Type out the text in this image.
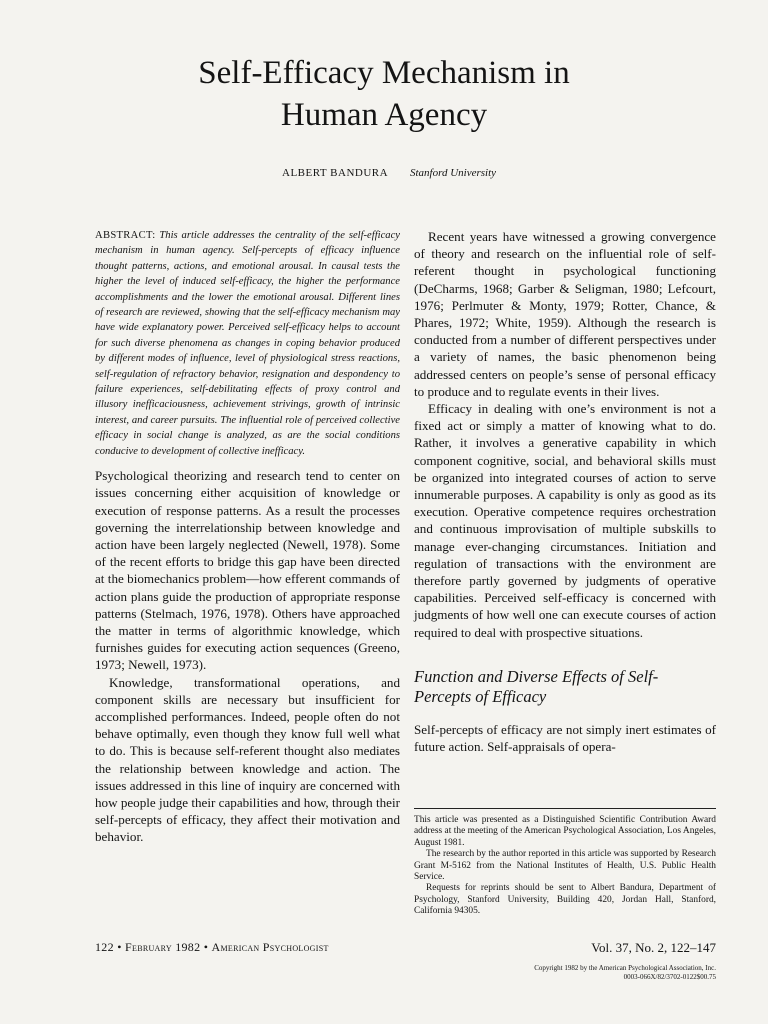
Self-Efficacy Mechanism in
Human Agency
ALBERT BANDURA Stanford University

ABSTRACT: This article addresses the centrality of the self-efficacy mechanism in human agency. Self-percepts of efficacy influence thought patterns, actions, and emotional arousal. In causal tests the higher the level of induced self-efficacy, the higher the performance accomplishments and the lower the emotional arousal. Different lines of research are reviewed, showing that the self-efficacy mechanism may have wide explanatory power. Perceived self-efficacy helps to account for such diverse phenomena as changes in coping behavior produced by different modes of influence, level of physiological stress reactions, self-regulation of refractory behavior, resignation and despondency to failure experiences, self-debilitating effects of proxy control and illusory inefficaciousness, achievement strivings, growth of intrinsic interest, and career pursuits. The influential role of perceived collective efficacy in social change is analyzed, as are the social conditions conducive to development of collective inefficacy.

Psychological theorizing and research tend to center on issues concerning either acquisition of knowledge or execution of response patterns. As a result the processes governing the interrelationship between knowledge and action have been largely neglected (Newell, 1978). Some of the recent efforts to bridge this gap have been directed at the biomechanics problem—how efferent commands of action plans guide the production of appropriate response patterns (Stelmach, 1976, 1978). Others have approached the matter in terms of algorithmic knowledge, which furnishes guides for executing action sequences (Greeno, 1973; Newell, 1973).

Knowledge, transformational operations, and component skills are necessary but insufficient for accomplished performances. Indeed, people often do not behave optimally, even though they know full well what to do. This is because self-referent thought also mediates the relationship between knowledge and action. The issues addressed in this line of inquiry are concerned with how people judge their capabilities and how, through their self-percepts of efficacy, they affect their motivation and behavior.

Recent years have witnessed a growing convergence of theory and research on the influential role of self-referent thought in psychological functioning (DeCharms, 1968; Garber & Seligman, 1980; Lefcourt, 1976; Perlmuter & Monty, 1979; Rotter, Chance, & Phares, 1972; White, 1959). Although the research is conducted from a number of different perspectives under a variety of names, the basic phenomenon being addressed centers on people’s sense of personal efficacy to produce and to regulate events in their lives.

Efficacy in dealing with one’s environment is not a fixed act or simply a matter of knowing what to do. Rather, it involves a generative capability in which component cognitive, social, and behavioral skills must be organized into integrated courses of action to serve innumerable purposes. A capability is only as good as its execution. Operative competence requires orchestration and continuous improvisation of multiple subskills to manage ever-changing circumstances. Initiation and regulation of transactions with the environment are therefore partly governed by judgments of operative capabilities. Perceived self-efficacy is concerned with judgments of how well one can execute courses of action required to deal with prospective situations.

Function and Diverse Effects of Self-
Percepts of Efficacy

Self-percepts of efficacy are not simply inert estimates of future action. Self-appraisals of opera-

This article was presented as a Distinguished Scientific Contribution Award address at the meeting of the American Psychological Association, Los Angeles, August 1981.

The research by the author reported in this article was supported by Research Grant M-5162 from the National Institutes of Health, U.S. Public Health Service.

Requests for reprints should be sent to Albert Bandura, Department of Psychology, Stanford University, Building 420, Jordan Hall, Stanford, California 94305.

122 • February 1982 • American Psychologist	Vol. 37, No. 2, 122–147
Copyright 1982 by the American Psychological Association, Inc.
0003-066X/82/3702-0122$00.75
